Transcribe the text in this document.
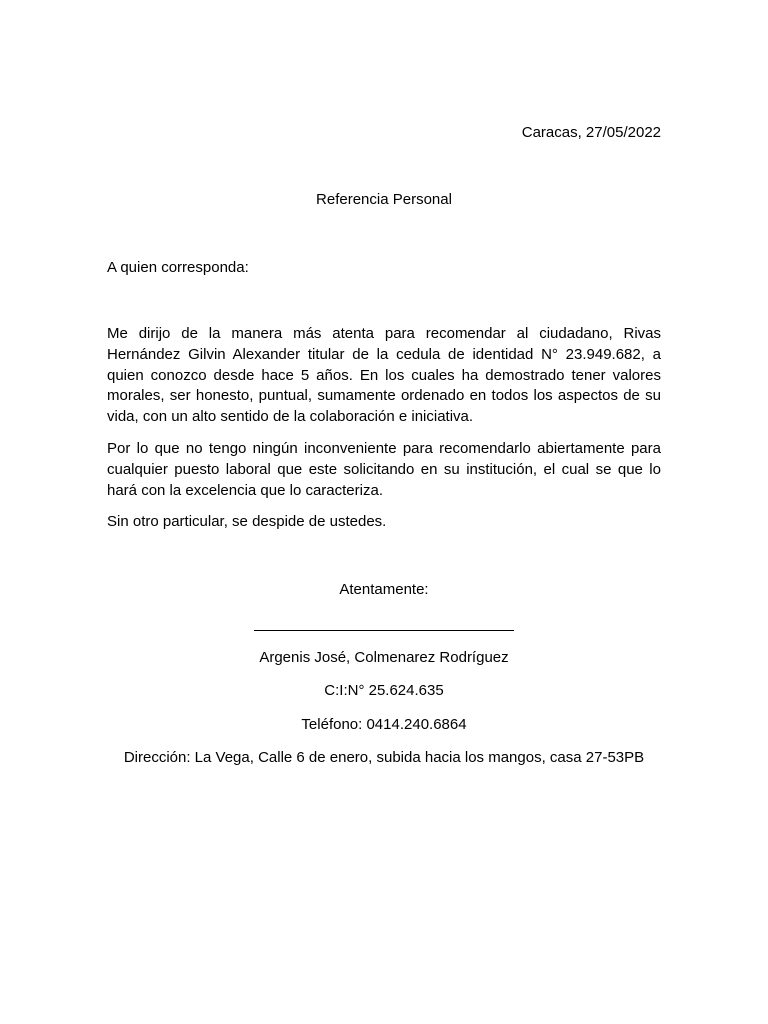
Caracas, 27/05/2022
Referencia Personal
A quien corresponda:

Me dirijo de la manera más atenta para recomendar al ciudadano, Rivas Hernández Gilvin Alexander titular de la cedula de identidad N° 23.949.682, a quien conozco desde hace 5 años. En los cuales ha demostrado tener valores morales, ser honesto, puntual, sumamente ordenado en todos los aspectos de su vida, con un alto sentido de la colaboración e iniciativa.

Por lo que no tengo ningún inconveniente para recomendarlo abiertamente para cualquier puesto laboral que este solicitando en su institución, el cual se que lo hará con la excelencia que lo caracteriza.

Sin otro particular, se despide de ustedes.

Atentamente:
Argenis José, Colmenarez Rodríguez
C:I:N° 25.624.635
Teléfono: 0414.240.6864
Dirección: La Vega, Calle 6 de enero, subida hacia los mangos, casa 27-53PB
